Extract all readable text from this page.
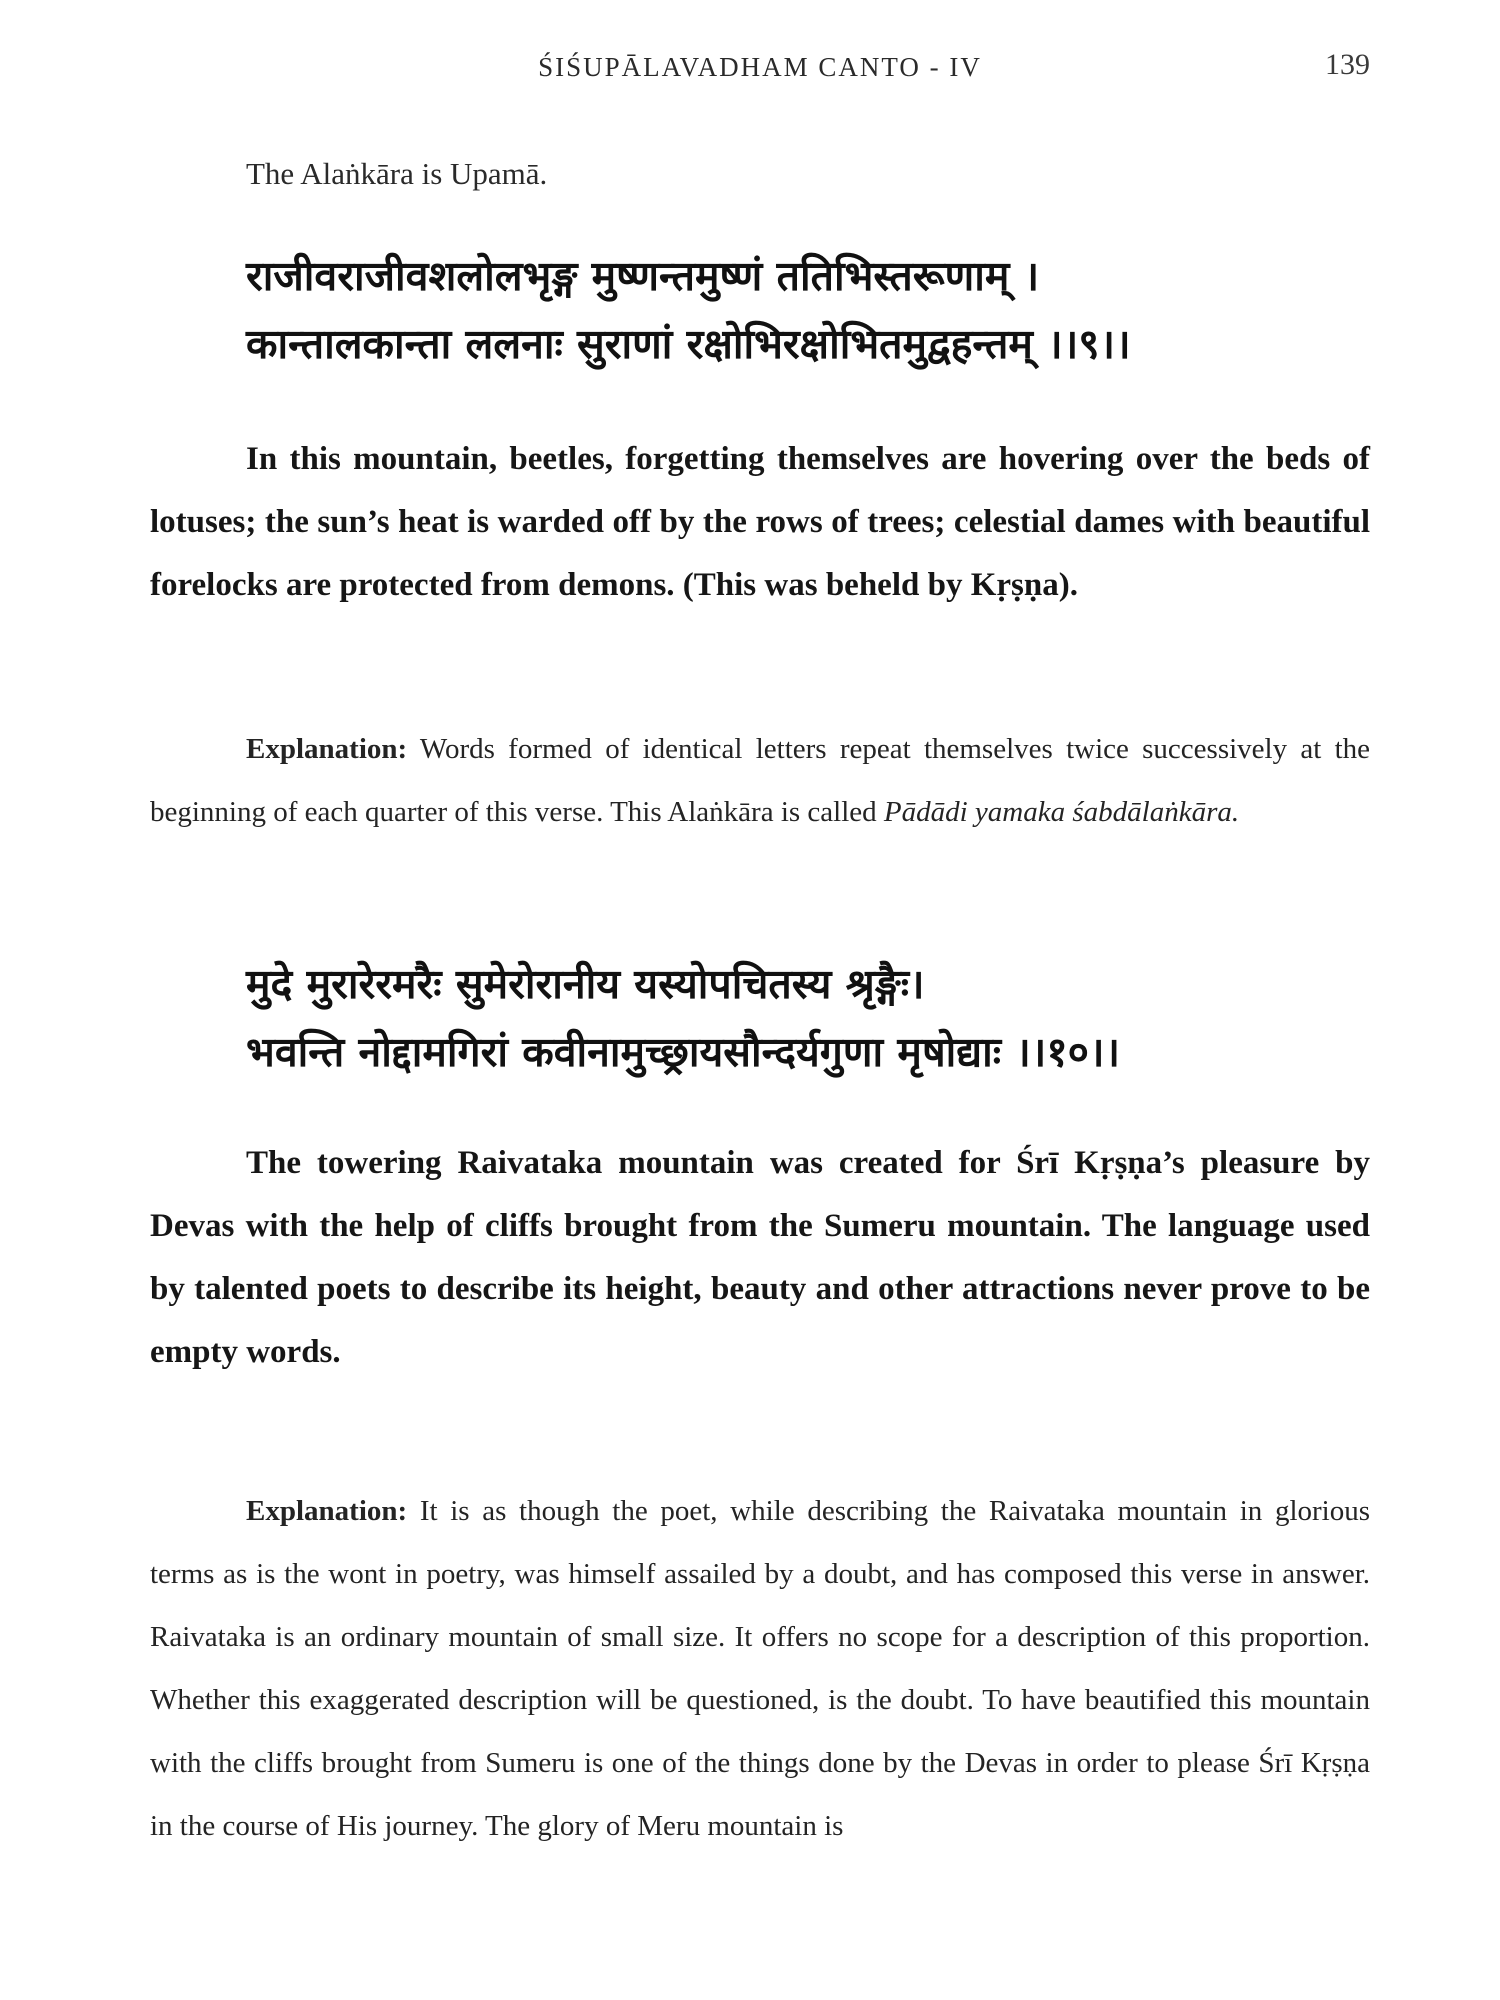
ŚIŚUPĀLAVADHAM CANTO - IV	139
The Alaṅkāra is Upamā.
राजीवराजीवशलोलभृङ्ग मुष्णन्तमुष्णं ततिभिस्तरूणाम् ।
कान्तालकान्ता ललनाः सुराणां रक्षोभिरक्षोभितमुद्वहन्तम् ।।९।।
In this mountain, beetles, forgetting themselves are hovering over the beds of lotuses; the sun’s heat is warded off by the rows of trees; celestial dames with beautiful forelocks are protected from demons. (This was beheld by Kṛṣṇa).
Explanation: Words formed of identical letters repeat themselves twice successively at the beginning of each quarter of this verse. This Alaṅkāra is called Pādādi yamaka śabdālaṅkāra.
मुदे मुरारेरमरैः सुमेरोरानीय यस्योपचितस्य श्रृङ्गैः।
भवन्ति नोद्दामगिरां कवीनामुच्छ्रायसौन्दर्यगुणा मृषोद्याः ।।१०।।
The towering Raivataka mountain was created for Śrī Kṛṣṇa’s pleasure by Devas with the help of cliffs brought from the Sumeru mountain. The language used by talented poets to describe its height, beauty and other attractions never prove to be empty words.
Explanation: It is as though the poet, while describing the Raivataka mountain in glorious terms as is the wont in poetry, was himself assailed by a doubt, and has composed this verse in answer. Raivataka is an ordinary mountain of small size. It offers no scope for a description of this proportion. Whether this exaggerated description will be questioned, is the doubt. To have beautified this mountain with the cliffs brought from Sumeru is one of the things done by the Devas in order to please Śrī Kṛṣṇa in the course of His journey. The glory of Meru mountain is
